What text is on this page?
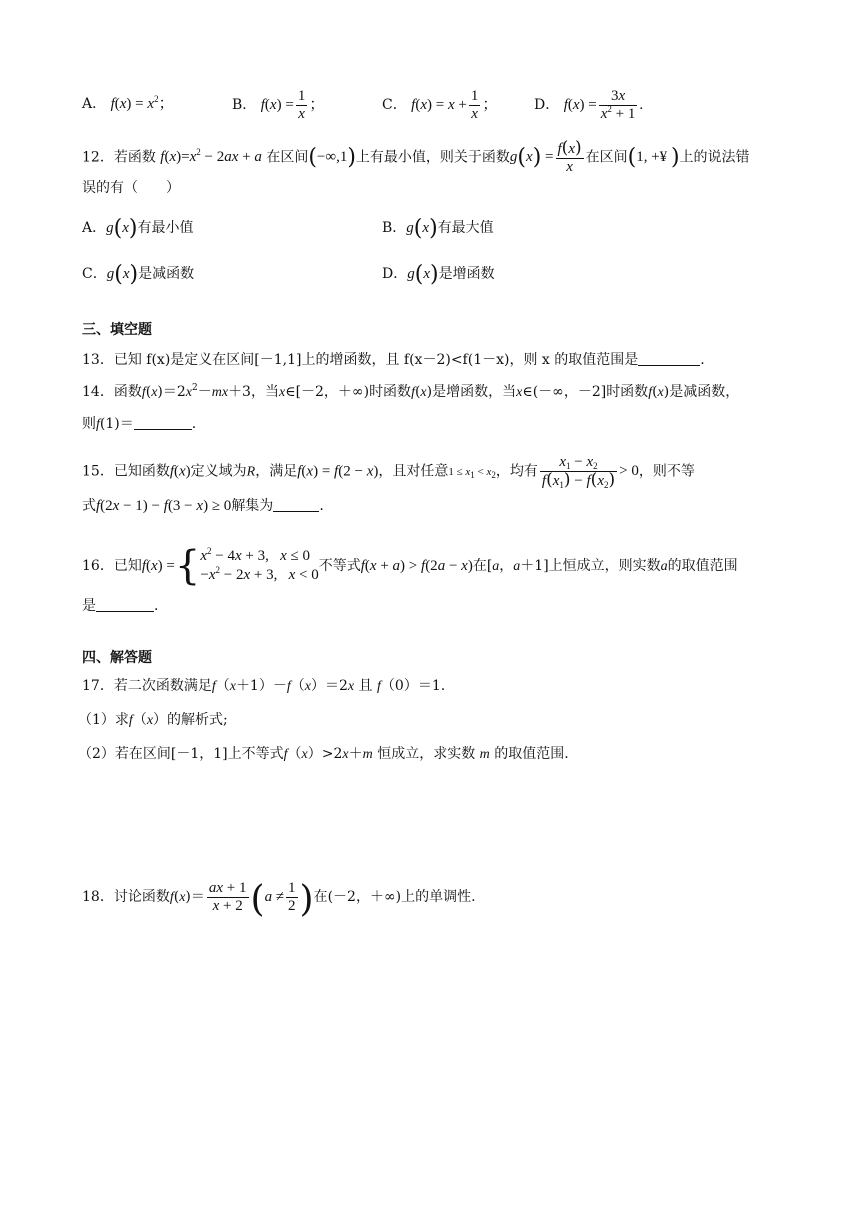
A． $f(x) = x^2$；	B． $f(x) = \frac{1}{x}$ ；	C． $f(x) = x + \frac{1}{x}$ ；	D． $f(x) = \frac{3x}{x^2 + 1}$ .
12．若函数 $f(x)=x^2 - 2ax + a$ 在区间(−∞,1)上有最小值，则关于函数$g(x) = \frac{f(x)}{x}$ 在区间(1, +¥ )上的说法错
误的有（　　）
A．g(x)有最小值	B．g(x)有最大值
C．g(x)是减函数	D．g(x)是增函数
三、填空题
13．已知 f(x)是定义在区间[－1,1]上的增函数，且 f(x－2)<f(1－x)，则 x 的取值范围是	.
14．函数$f(x)=2x^2-mx+3$，当x∈[－2，＋∞)时函数f(x)是增函数，当x∈(－∞，－2]时函数f(x)是减函数，
则f(1)＝	.
15．已知函数f(x)定义域为R，满足f(x) = f(2 − x)，且对任意$1 \le x_1 < x_2$，均有 $\frac{x_1 - x_2}{f(x_1) - f(x_2)} > 0$，则不等
式f(2x − 1) − f(3 − x) ≥ 0解集为	.
16．已知f(x) ={ $x^2 - 4x + 3$,   x ≤ 0
$-x^2 - 2x + 3$,   x < 0
不等式f(x + a) > f(2a − x)在[a，a＋1]上恒成立，则实数a的取值范围
是	.
四、解答题
17．若二次函数满足f（x＋1）－f（x）＝2x 且 f（0）＝1.
（1）求f（x）的解析式;
（2）若在区间[－1，1]上不等式f（x）>2x＋m 恒成立，求实数 m 的取值范围.
18．讨论函数$f(x)= \frac{ax + 1}{x + 2} (a \ne \frac{1}{2}$ )在(－2，＋∞)上的单调性.
